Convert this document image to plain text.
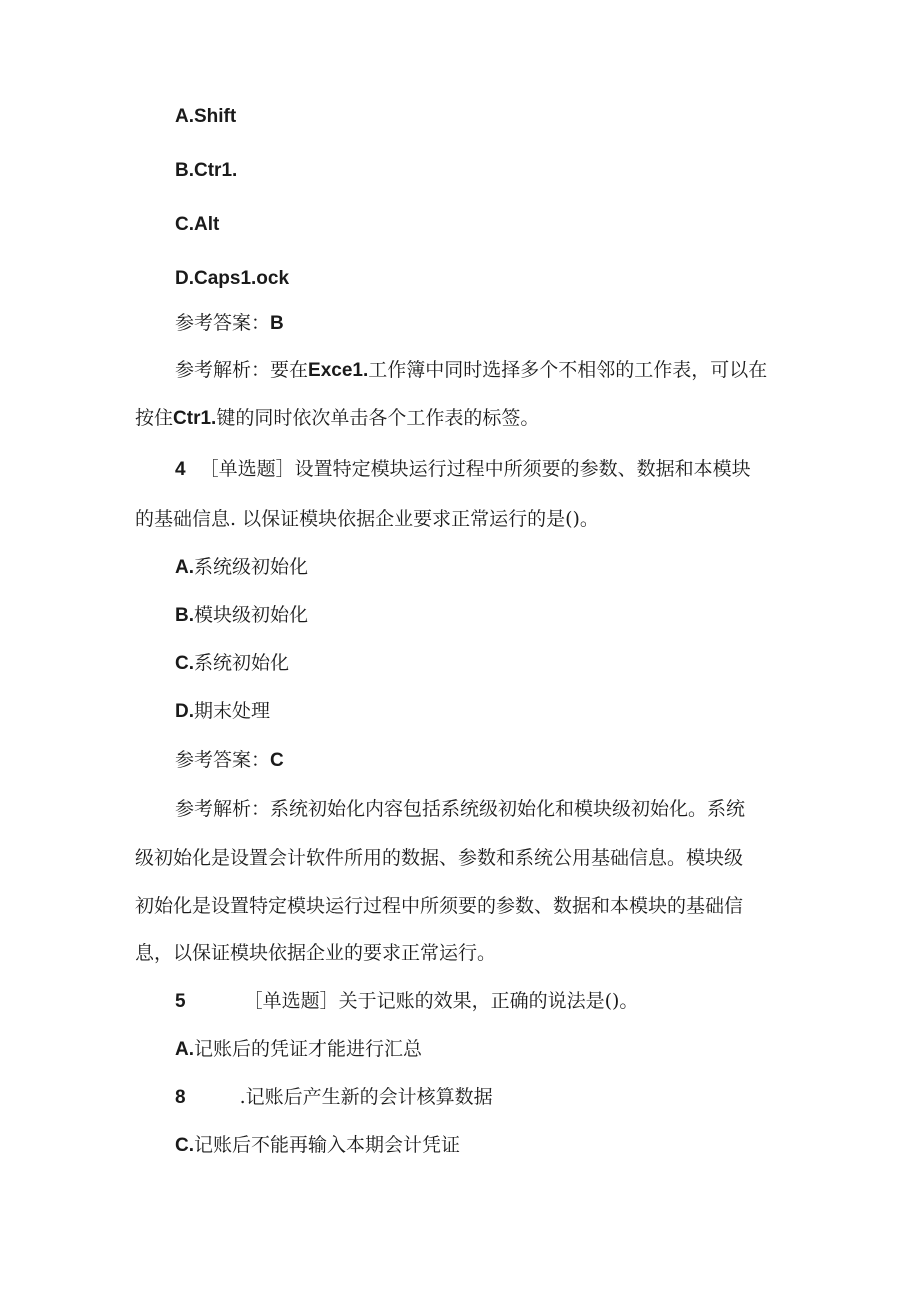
A.Shift
B.Ctr1.
C.Alt
D.Caps1.ock
参考答案：B
参考解析：要在Exce1.工作簿中同时选择多个不相邻的工作表，可以在
按住Ctr1.键的同时依次单击各个工作表的标签。
4 ［单选题］设置特定模块运行过程中所须要的参数、数据和本模块
的基础信息. 以保证模块依据企业要求正常运行的是()。
A.系统级初始化
B.模块级初始化
C.系统初始化
D.期末处理
参考答案：C
参考解析：系统初始化内容包括系统级初始化和模块级初始化。系统
级初始化是设置会计软件所用的数据、参数和系统公用基础信息。模块级
初始化是设置特定模块运行过程中所须要的参数、数据和本模块的基础信
息，以保证模块依据企业的要求正常运行。
5	［单选题］关于记账的效果，正确的说法是()。
A.记账后的凭证才能进行汇总
8	.记账后产生新的会计核算数据
C.记账后不能再输入本期会计凭证
